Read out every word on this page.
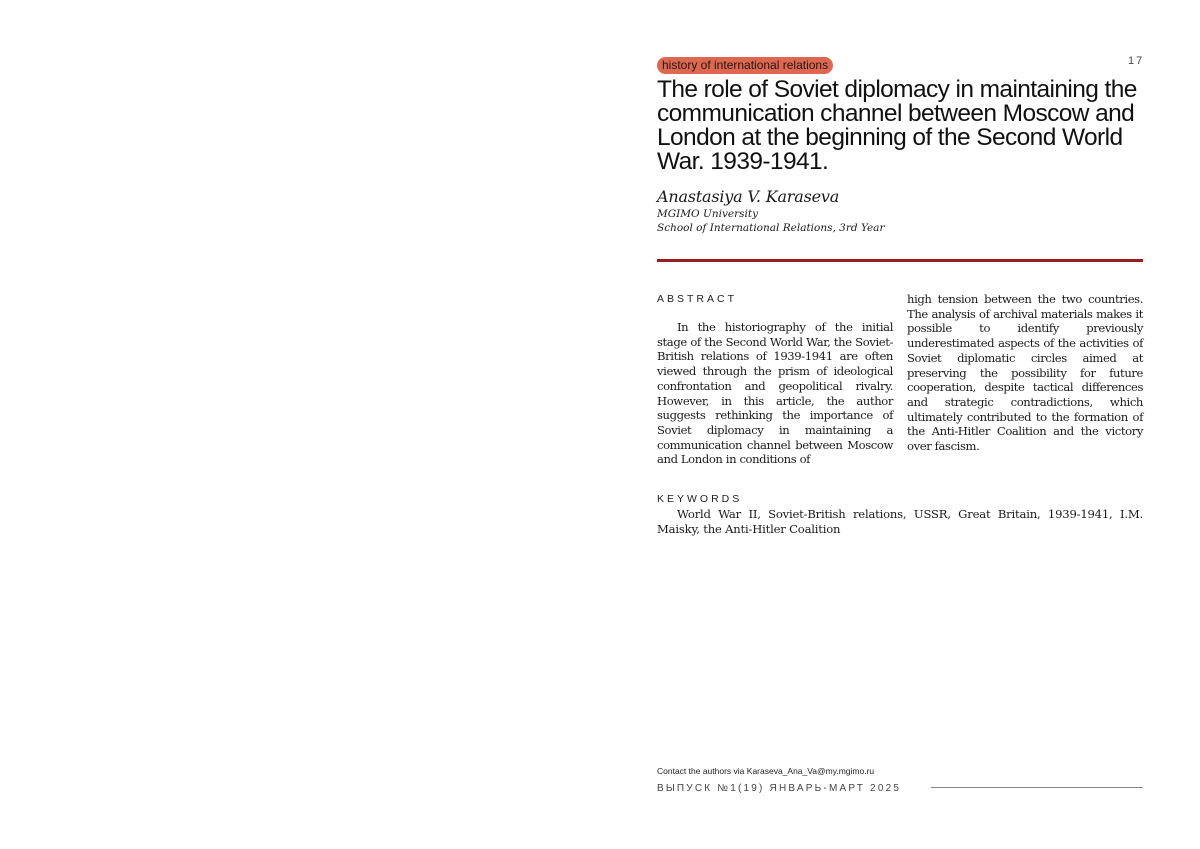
17
history of international relations
The role of Soviet diplomacy in maintaining the communication channel between Moscow and London at the beginning of the Second World War. 1939-1941.
Anastasiya V. Karaseva
MGIMO University
School of International Relations, 3rd Year
ABSTRACT

In the historiography of the initial stage of the Second World War, the Soviet-British relations of 1939-1941 are often viewed through the prism of ideological confrontation and geopolitical rivalry. However, in this article, the author suggests rethinking the importance of Soviet diplomacy in maintaining a communication channel between Moscow and London in conditions of

high tension between the two countries. The analysis of archival materials makes it possible to identify previously underestimated aspects of the activities of Soviet diplomatic circles aimed at preserving the possibility for future cooperation, despite tactical differences and strategic contradictions, which ultimately contributed to the formation of the Anti-Hitler Coalition and the victory over fascism.

KEYWORDS

World War II, Soviet-British relations, USSR, Great Britain, 1939-1941, I.M. Maisky, the Anti-Hitler Coalition

Contact the authors via Karaseva_Ana_Va@my.mgimo.ru
ВЫПУСК №1(19) ЯНВАРЬ-МАРТ 2025
